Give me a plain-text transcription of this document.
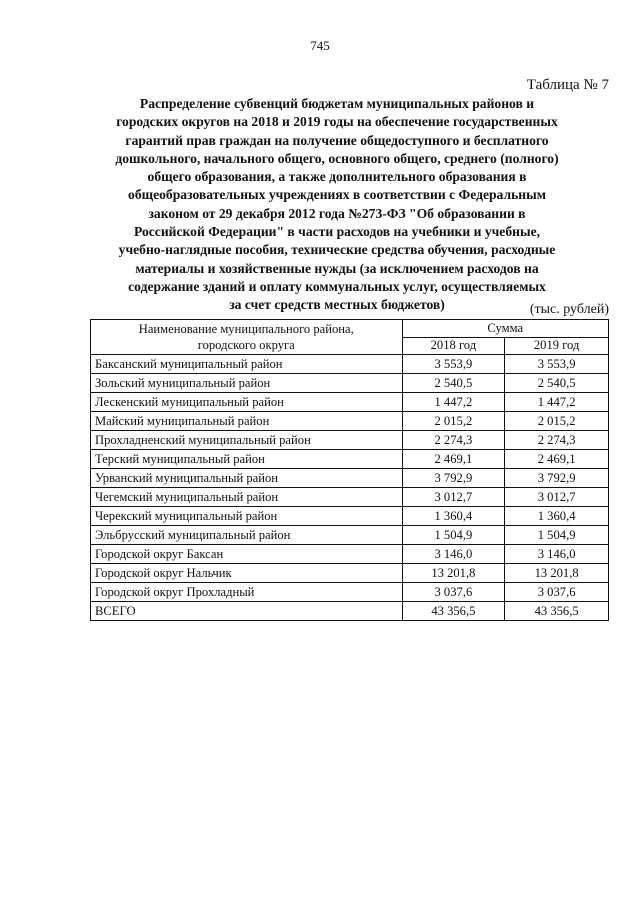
745
Таблица № 7
Распределение субвенций бюджетам муниципальных районов и
городских округов на 2018 и 2019 годы на обеспечение государственных
гарантий прав граждан на получение общедоступного и бесплатного
дошкольного, начального общего, основного общего, среднего (полного)
общего образования, а также дополнительного образования в
общеобразовательных учреждениях в соответствии с Федеральным
законом от 29 декабря 2012 года №273-ФЗ "Об образовании в
Российской Федерации" в части расходов на учебники и учебные,
учебно-наглядные пособия, технические средства обучения, расходные
материалы и хозяйственные нужды (за исключением расходов на
содержание зданий и оплату коммунальных услуг, осуществляемых
за счет средств местных бюджетов)	(тыс. рублей)
Наименование муниципального района,
городского округа	Сумма	
	2018 год	2019 год
Баксанский муниципальный район	3 553,9	3 553,9
Зольский муниципальный район	2 540,5	2 540,5
Лескенский муниципальный район	1 447,2	1 447,2
Майский муниципальный район	2 015,2	2 015,2
Прохладненский муниципальный район	2 274,3	2 274,3
Терский муниципальный район	2 469,1	2 469,1
Урванский муниципальный район	3 792,9	3 792,9
Чегемский муниципальный район	3 012,7	3 012,7
Черекский муниципальный район	1 360,4	1 360,4
Эльбрусский муниципальный район	1 504,9	1 504,9
Городской округ Баксан	3 146,0	3 146,0
Городской округ Нальчик	13 201,8	13 201,8
Городской округ Прохладный	3 037,6	3 037,6
ВСЕГО	43 356,5	43 356,5
